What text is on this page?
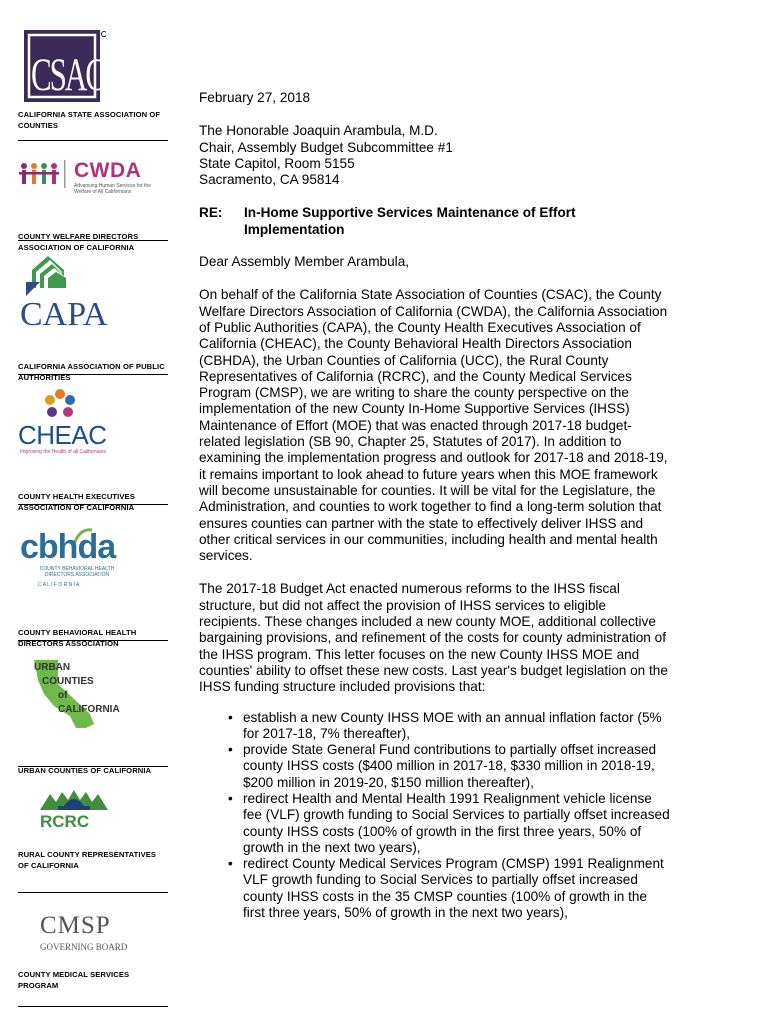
CSAC
CALIFORNIA STATE ASSOCIATION OF COUNTIES
CWDA
Advancing Human Services for the Welfare of All Californians
COUNTY WELFARE DIRECTORS ASSOCIATION OF CALIFORNIA
CAPA
CALIFORNIA ASSOCIATION OF PUBLIC AUTHORITIES
CHEAC
Improving the Health of all Californians
COUNTY HEALTH EXECUTIVES ASSOCIATION OF CALIFORNIA
cbhda
COUNTY BEHAVIORAL HEALTH DIRECTORS ASSOCIATION
C A L I F O R N I A
COUNTY BEHAVIORAL HEALTH DIRECTORS ASSOCIATION
URBAN
COUNTIES
of
CALIFORNIA
URBAN COUNTIES OF CALIFORNIA
RCRC
RURAL COUNTY REPRESENTATIVES OF CALIFORNIA
CMSP
GOVERNING BOARD
COUNTY MEDICAL SERVICES PROGRAM

February 27, 2018

The Honorable Joaquin Arambula, M.D.
Chair, Assembly Budget Subcommittee #1
State Capitol, Room 5155
Sacramento, CA 95814
RE:	In-Home Supportive Services Maintenance of Effort
Implementation

Dear Assembly Member Arambula,

On behalf of the California State Association of Counties (CSAC), the County
Welfare Directors Association of California (CWDA), the California Association
of Public Authorities (CAPA), the County Health Executives Association of
California (CHEAC), the County Behavioral Health Directors Association
(CBHDA), the Urban Counties of California (UCC), the Rural County
Representatives of California (RCRC), and the County Medical Services
Program (CMSP), we are writing to share the county perspective on the
implementation of the new County In-Home Supportive Services (IHSS)
Maintenance of Effort (MOE) that was enacted through 2017-18 budget-
related legislation (SB 90, Chapter 25, Statutes of 2017). In addition to
examining the implementation progress and outlook for 2017-18 and 2018-19,
it remains important to look ahead to future years when this MOE framework
will become unsustainable for counties. It will be vital for the Legislature, the
Administration, and counties to work together to find a long-term solution that
ensures counties can partner with the state to effectively deliver IHSS and
other critical services in our communities, including health and mental health
services.
The 2017-18 Budget Act enacted numerous reforms to the IHSS fiscal
structure, but did not affect the provision of IHSS services to eligible
recipients. These changes included a new county MOE, additional collective
bargaining provisions, and refinement of the costs for county administration of
the IHSS program. This letter focuses on the new County IHSS MOE and
counties' ability to offset these new costs. Last year's budget legislation on the
IHSS funding structure included provisions that:
• establish a new County IHSS MOE with an annual inflation factor (5%
for 2017-18, 7% thereafter),
• provide State General Fund contributions to partially offset increased
county IHSS costs ($400 million in 2017-18, $330 million in 2018-19,
$200 million in 2019-20, $150 million thereafter),
• redirect Health and Mental Health 1991 Realignment vehicle license
fee (VLF) growth funding to Social Services to partially offset increased
county IHSS costs (100% of growth in the first three years, 50% of
growth in the next two years),
• redirect County Medical Services Program (CMSP) 1991 Realignment
VLF growth funding to Social Services to partially offset increased
county IHSS costs in the 35 CMSP counties (100% of growth in the
first three years, 50% of growth in the next two years),
